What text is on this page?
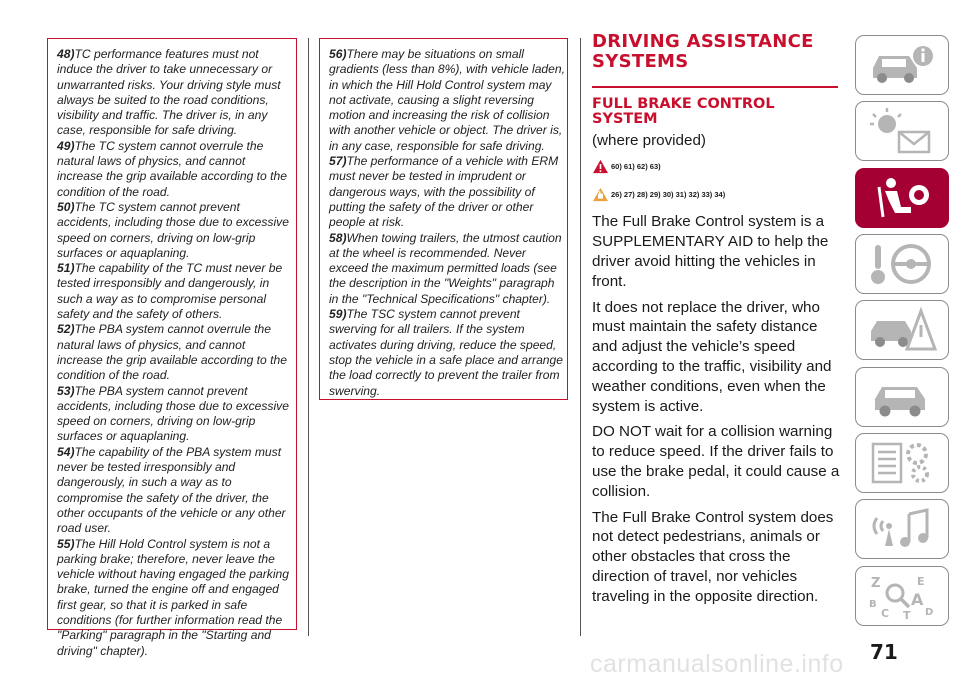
48)TC performance features must not induce the driver to take unnecessary or unwarranted risks. Your driving style must always be suited to the road conditions, visibility and traffic. The driver is, in any case, responsible for safe driving.

49)The TC system cannot overrule the natural laws of physics, and cannot increase the grip available according to the condition of the road.

50)The TC system cannot prevent accidents, including those due to excessive speed on corners, driving on low-grip surfaces or aquaplaning.

51)The capability of the TC must never be tested irresponsibly and dangerously, in such a way as to compromise personal safety and the safety of others.

52)The PBA system cannot overrule the natural laws of physics, and cannot increase the grip available according to the condition of the road.

53)The PBA system cannot prevent accidents, including those due to excessive speed on corners, driving on low-grip surfaces or aquaplaning.

54)The capability of the PBA system must never be tested irresponsibly and dangerously, in such a way as to compromise the safety of the driver, the other occupants of the vehicle or any other road user.

55)The Hill Hold Control system is not a parking brake; therefore, never leave the vehicle without having engaged the parking brake, turned the engine off and engaged first gear, so that it is parked in safe conditions (for further information read the "Parking" paragraph in the "Starting and driving" chapter).

56)There may be situations on small gradients (less than 8%), with vehicle laden, in which the Hill Hold Control system may not activate, causing a slight reversing motion and increasing the risk of collision with another vehicle or object. The driver is, in any case, responsible for safe driving.

57)The performance of a vehicle with ERM must never be tested in imprudent or dangerous ways, with the possibility of putting the safety of the driver or other people at risk.

58)When towing trailers, the utmost caution at the wheel is recommended. Never exceed the maximum permitted loads (see the description in the "Weights" paragraph in the "Technical Specifications" chapter).

59)The TSC system cannot prevent swerving for all trailers. If the system activates during driving, reduce the speed, stop the vehicle in a safe place and arrange the load correctly to prevent the trailer from swerving.

DRIVING ASSISTANCE SYSTEMS
FULL BRAKE CONTROL SYSTEM

(where provided)

60) 61) 62) 63)
26) 27) 28) 29) 30) 31) 32) 33) 34)

The Full Brake Control system is a SUPPLEMENTARY AID to help the driver avoid hitting the vehicles in front.

It does not replace the driver, who must maintain the safety distance and adjust the vehicle’s speed according to the traffic, visibility and weather conditions, even when the system is active.

DO NOT wait for a collision warning to reduce speed. If the driver fails to use the brake pedal, it could cause a collision.

The Full Brake Control system does not detect pedestrians, animals or other obstacles that cross the direction of travel, nor vehicles traveling in the opposite direction.

Z	E
A
B
C T D
71
carmanualsonline.info
